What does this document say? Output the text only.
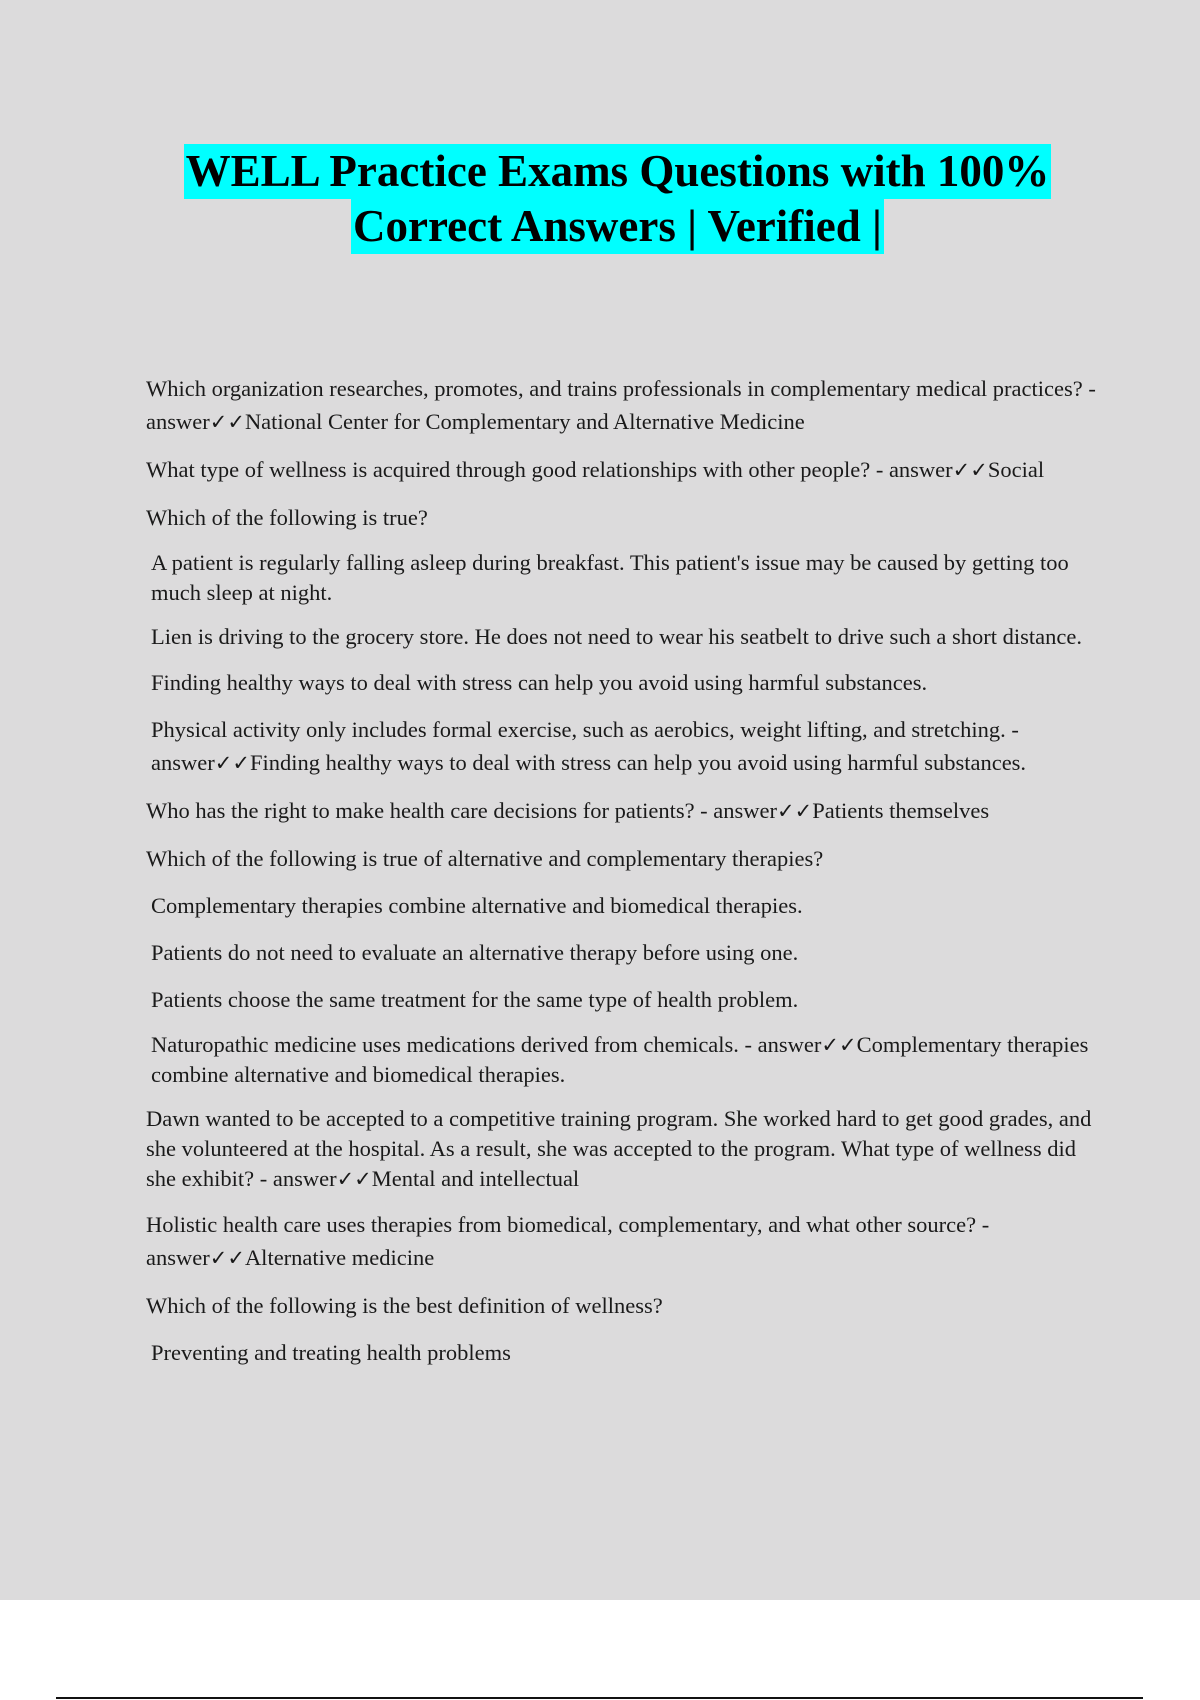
WELL Practice Exams Questions with 100%
Correct Answers | Verified |

Which organization researches, promotes, and trains professionals in complementary medical practices? - answer✓✓National Center for Complementary and Alternative Medicine

What type of wellness is acquired through good relationships with other people? - answer✓✓Social

Which of the following is true?

A patient is regularly falling asleep during breakfast. This patient's issue may be caused by getting too much sleep at night.

Lien is driving to the grocery store. He does not need to wear his seatbelt to drive such a short distance.

Finding healthy ways to deal with stress can help you avoid using harmful substances.

Physical activity only includes formal exercise, such as aerobics, weight lifting, and stretching. - answer✓✓Finding healthy ways to deal with stress can help you avoid using harmful substances.

Who has the right to make health care decisions for patients? - answer✓✓Patients themselves

Which of the following is true of alternative and complementary therapies?

Complementary therapies combine alternative and biomedical therapies.

Patients do not need to evaluate an alternative therapy before using one.

Patients choose the same treatment for the same type of health problem.

Naturopathic medicine uses medications derived from chemicals. - answer✓✓Complementary therapies combine alternative and biomedical therapies.

Dawn wanted to be accepted to a competitive training program. She worked hard to get good grades, and she volunteered at the hospital. As a result, she was accepted to the program. What type of wellness did she exhibit? - answer✓✓Mental and intellectual

Holistic health care uses therapies from biomedical, complementary, and what other source? - answer✓✓Alternative medicine

Which of the following is the best definition of wellness?

Preventing and treating health problems
